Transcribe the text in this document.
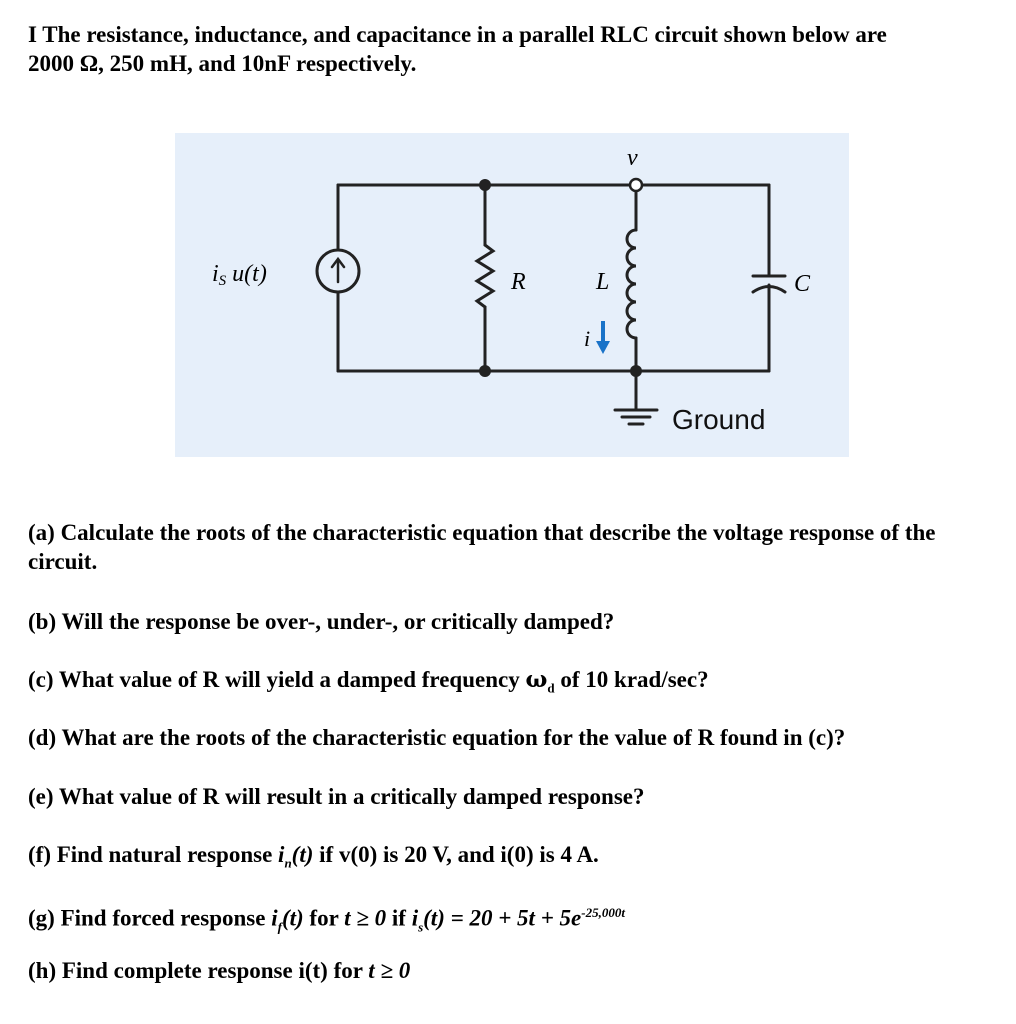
I The resistance, inductance, and capacitance in a parallel RLC circuit shown below are
2000 Ω, 250 mH, and 10nF respectively.
iS u(t)
v
R	L
i
C
Ground
(a) Calculate the roots of the characteristic equation that describe the voltage response of the circuit.
(b) Will the response be over-, under-, or critically damped?
(c) What value of R will yield a damped frequency $\omega_d$ of 10 krad/sec?
(d) What are the roots of the characteristic equation for the value of R found in (c)?
(e) What value of R will result in a critically damped response?
(f) Find natural response $i_n(t)$ if v(0) is 20 V, and i(0) is 4 A.
(g) Find forced response $i_f(t)$ for t ≥ 0 if $i_s(t) = 20 + 5t + 5e^{-25,000t}$
(h) Find complete response i(t) for t ≥ 0
